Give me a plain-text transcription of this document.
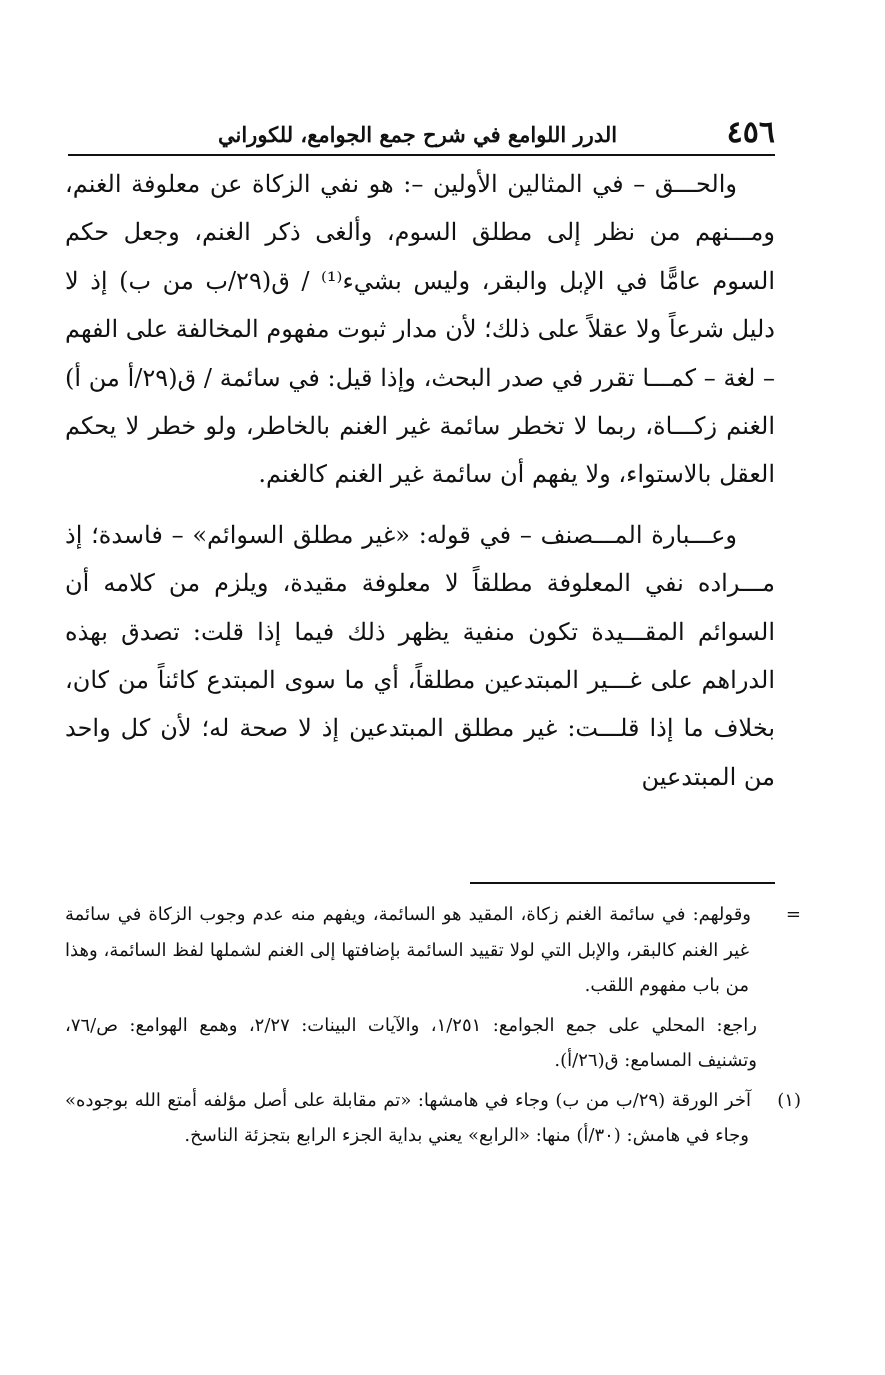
٤٥٦
الدرر اللوامع في شرح جمع الجوامع، للكوراني

والحـــق – في المثالين الأولين –: هو نفي الزكاة عن معلوفة الغنم، ومـــنهم من نظر إلى مطلق السوم، وألغى ذكر الغنم، وجعل حكم السوم عامًّا في الإبل والبقر، وليس بشيء⁽¹⁾ / ق(٢٩/ب من ب) إذ لا دليل شرعاً ولا عقلاً على ذلك؛ لأن مدار ثبوت مفهوم المخالفة على الفهم – لغة – كمـــا تقرر في صدر البحث، وإذا قيل: في سائمة / ق(٢٩/أ من أ) الغنم زكـــاة، ربما لا تخطر سائمة غير الغنم بالخاطر، ولو خطر لا يحكم العقل بالاستواء، ولا يفهم أن سائمة غير الغنم كالغنم.

وعـــبارة المـــصنف – في قوله: «غير مطلق السوائم» – فاسدة؛ إذ مـــراده نفي المعلوفة مطلقاً لا معلوفة مقيدة، ويلزم من كلامه أن السوائم المقـــيدة تكون منفية يظهر ذلك فيما إذا قلت: تصدق بهذه الدراهم على غـــير المبتدعين مطلقاً، أي ما سوى المبتدع كائناً من كان، بخلاف ما إذا قلـــت: غير مطلق المبتدعين إذ لا صحة له؛ لأن كل واحد من المبتدعين

=وقولهم: في سائمة الغنم زكاة، المقيد هو السائمة، ويفهم منه عدم وجوب الزكاة في سائمة غير الغنم كالبقر، والإبل التي لولا تقييد السائمة بإضافتها إلى الغنم لشملها لفظ السائمة، وهذا من باب مفهوم اللقب.

راجع: المحلي على جمع الجوامع: ١/٢٥١، والآيات البينات: ٢/٢٧، وهمع الهوامع: ص/٧٦، وتشنيف المسامع: ق(٢٦/أ).

(١)آخر الورقة (٢٩/ب من ب) وجاء في هامشها: «تم مقابلة على أصل مؤلفه أمتع الله بوجوده» وجاء في هامش: (٣٠/أ) منها: «الرابع» يعني بداية الجزء الرابع بتجزئة الناسخ.
